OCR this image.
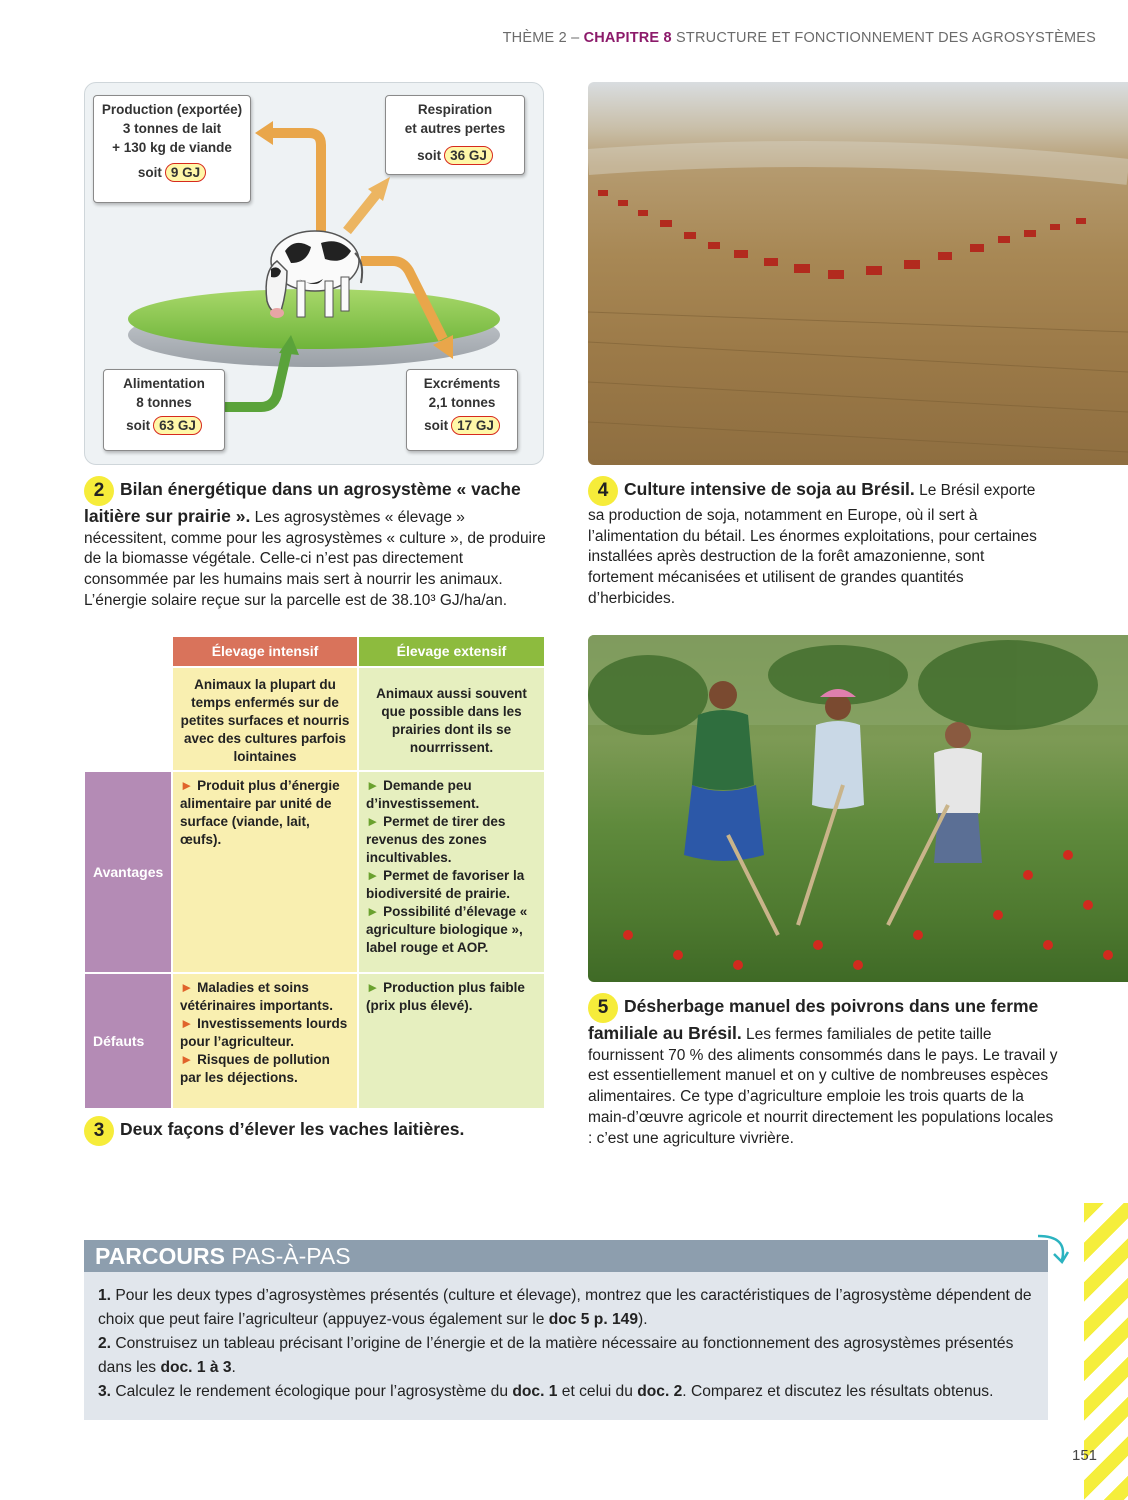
THÈME 2 – CHAPITRE 8 STRUCTURE ET FONCTIONNEMENT DES AGROSYSTÈMES
Production (exportée)
3 tonnes de lait
+ 130 kg de viande
soit 9 GJ
Respiration
et autres pertes
soit 36 GJ
Alimentation
8 tonnes
soit 63 GJ
Excréments
2,1 tonnes
soit 17 GJ
2 Bilan énergétique dans un agrosystème « vache laitière sur prairie ». Les agrosystèmes « élevage » nécessitent, comme pour les agrosystèmes « culture », de produire de la biomasse végétale. Celle-ci n’est pas directement consommée par les humains mais sert à nourrir les animaux. L’énergie solaire reçue sur la parcelle est de 38.10³ GJ/ha/an.
4 Culture intensive de soja au Brésil. Le Brésil exporte sa production de soja, notamment en Europe, où il sert à l’alimentation du bétail. Les énormes exploitations, pour certaines installées après destruction de la forêt amazonienne, sont fortement mécanisées et utilisent de grandes quantités d’herbicides.
Élevage intensif	Élevage extensif
Animaux la plupart du temps enfermés sur de petites surfaces et nourris avec des cultures parfois lointaines
Animaux aussi souvent que possible dans les prairies dont ils se nourrrissent.
Avantages
► Produit plus d’énergie alimentaire par unité de surface (viande, lait, œufs).
► Demande peu d’investissement.
► Permet de tirer des revenus des zones incultivables.
► Permet de favoriser la biodiversité de prairie.
► Possibilité d’élevage « agriculture biologique », label rouge et AOP.
Défauts
► Maladies et soins vétérinaires importants.
► Investissements lourds pour l’agriculteur.
► Risques de pollution par les déjections.
► Production plus faible (prix plus élevé).
3 Deux façons d’élever les vaches laitières.
5 Désherbage manuel des poivrons dans une ferme familiale au Brésil. Les fermes familiales de petite taille fournissent 70 % des aliments consommés dans le pays. Le travail y est essentiellement manuel et on y cultive de nombreuses espèces alimentaires. Ce type d’agriculture emploie les trois quarts de la main-d’œuvre agricole et nourrit directement les populations locales : c’est une agriculture vivrière.
PARCOURS PAS-À-PAS
1. Pour les deux types d’agrosystèmes présentés (culture et élevage), montrez que les caractéristiques de l’agrosystème dépendent de choix que peut faire l’agriculteur (appuyez-vous également sur le doc 5 p. 149).
2. Construisez un tableau précisant l’origine de l’énergie et de la matière nécessaire au fonctionnement des agrosystèmes présentés dans les doc. 1 à 3.
3. Calculez le rendement écologique pour l’agrosystème du doc. 1 et celui du doc. 2. Comparez et discutez les résultats obtenus.
151
